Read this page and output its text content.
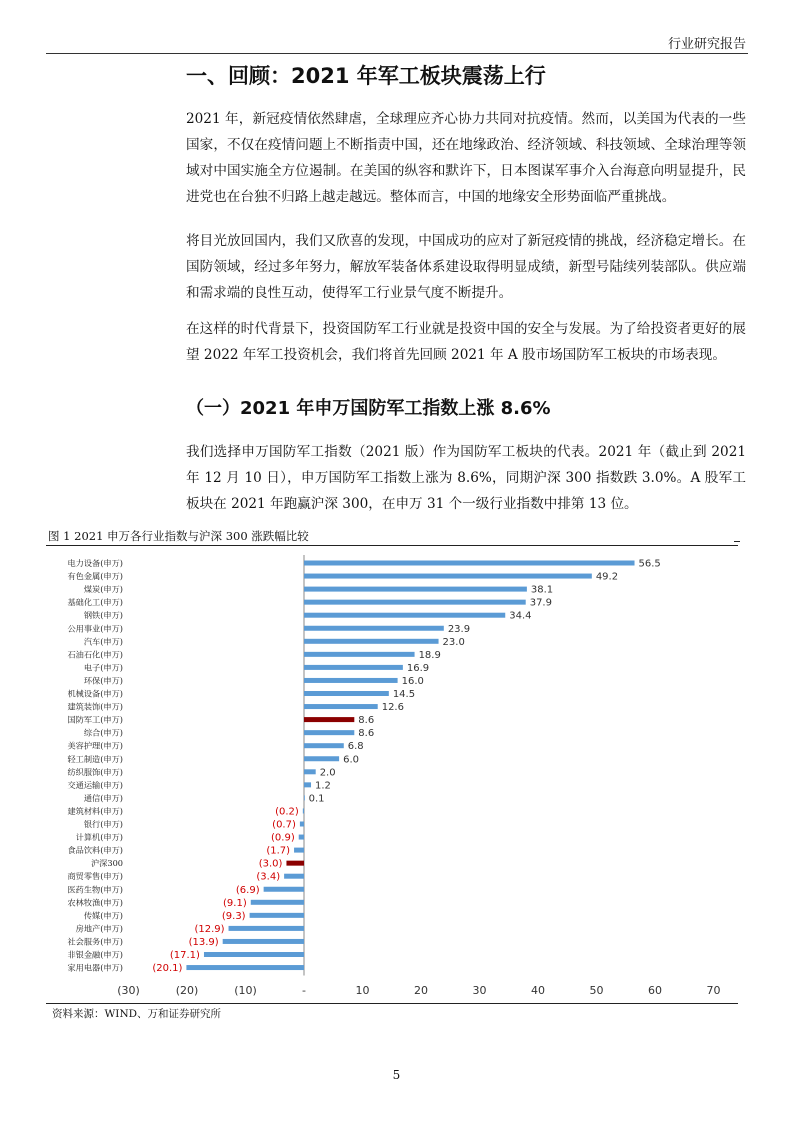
行业研究报告
一、回顾：2021 年军工板块震荡上行

2021 年，新冠疫情依然肆虐，全球理应齐心协力共同对抗疫情。然而，以美国为代表的一些国家，不仅在疫情问题上不断指责中国，还在地缘政治、经济领域、科技领域、全球治理等领域对中国实施全方位遏制。在美国的纵容和默许下，日本图谋军事介入台海意向明显提升，民进党也在台独不归路上越走越远。整体而言，中国的地缘安全形势面临严重挑战。

将目光放回国内，我们又欣喜的发现，中国成功的应对了新冠疫情的挑战，经济稳定增长。在国防领域，经过多年努力，解放军装备体系建设取得明显成绩，新型号陆续列装部队。供应端和需求端的良性互动，使得军工行业景气度不断提升。

在这样的时代背景下，投资国防军工行业就是投资中国的安全与发展。为了给投资者更好的展望 2022 年军工投资机会，我们将首先回顾 2021 年 A 股市场国防军工板块的市场表现。

（一）2021 年申万国防军工指数上涨 8.6%

我们选择申万国防军工指数（2021 版）作为国防军工板块的代表。2021 年（截止到 2021 年 12 月 10 日），申万国防军工指数上涨为 8.6%，同期沪深 300 指数跌 3.0%。A 股军工板块在 2021 年跑赢沪深 300，在申万 31 个一级行业指数中排第 13 位。

图 1 2021 申万各行业指数与沪深 300 涨跌幅比较
电力设备(申万)	56.5
有色金属(申万)	49.2
煤炭(申万)	38.1
基础化工(申万)	37.9
钢铁(申万)	34.4
公用事业(申万)	23.9
汽车(申万)	23.0
石油石化(申万)	18.9
电子(申万)	16.9
环保(申万)	16.0
机械设备(申万)	14.5
建筑装饰(申万)	12.6
国防军工(申万)	8.6
综合(申万)	8.6
美容护理(申万)	6.8
轻工制造(申万)	6.0
纺织服饰(申万)	2.0
交通运输(申万)	1.2
通信(申万)	0.1
建筑材料(申万)	(0.2)
银行(申万)	(0.7)
计算机(申万)	(0.9)
食品饮料(申万)	(1.7)
沪深300	(3.0)
商贸零售(申万)	(3.4)
医药生物(申万)	(6.9)
农林牧渔(申万)	(9.1)
传媒(申万)	(9.3)
房地产(申万)	(12.9)
社会服务(申万)	(13.9)
非银金融(申万)	(17.1)
家用电器(申万)	(20.1)
(30)	(20)	(10)	-	10	20	30	40	50	60	70
资料来源：WIND、万和证券研究所
5
